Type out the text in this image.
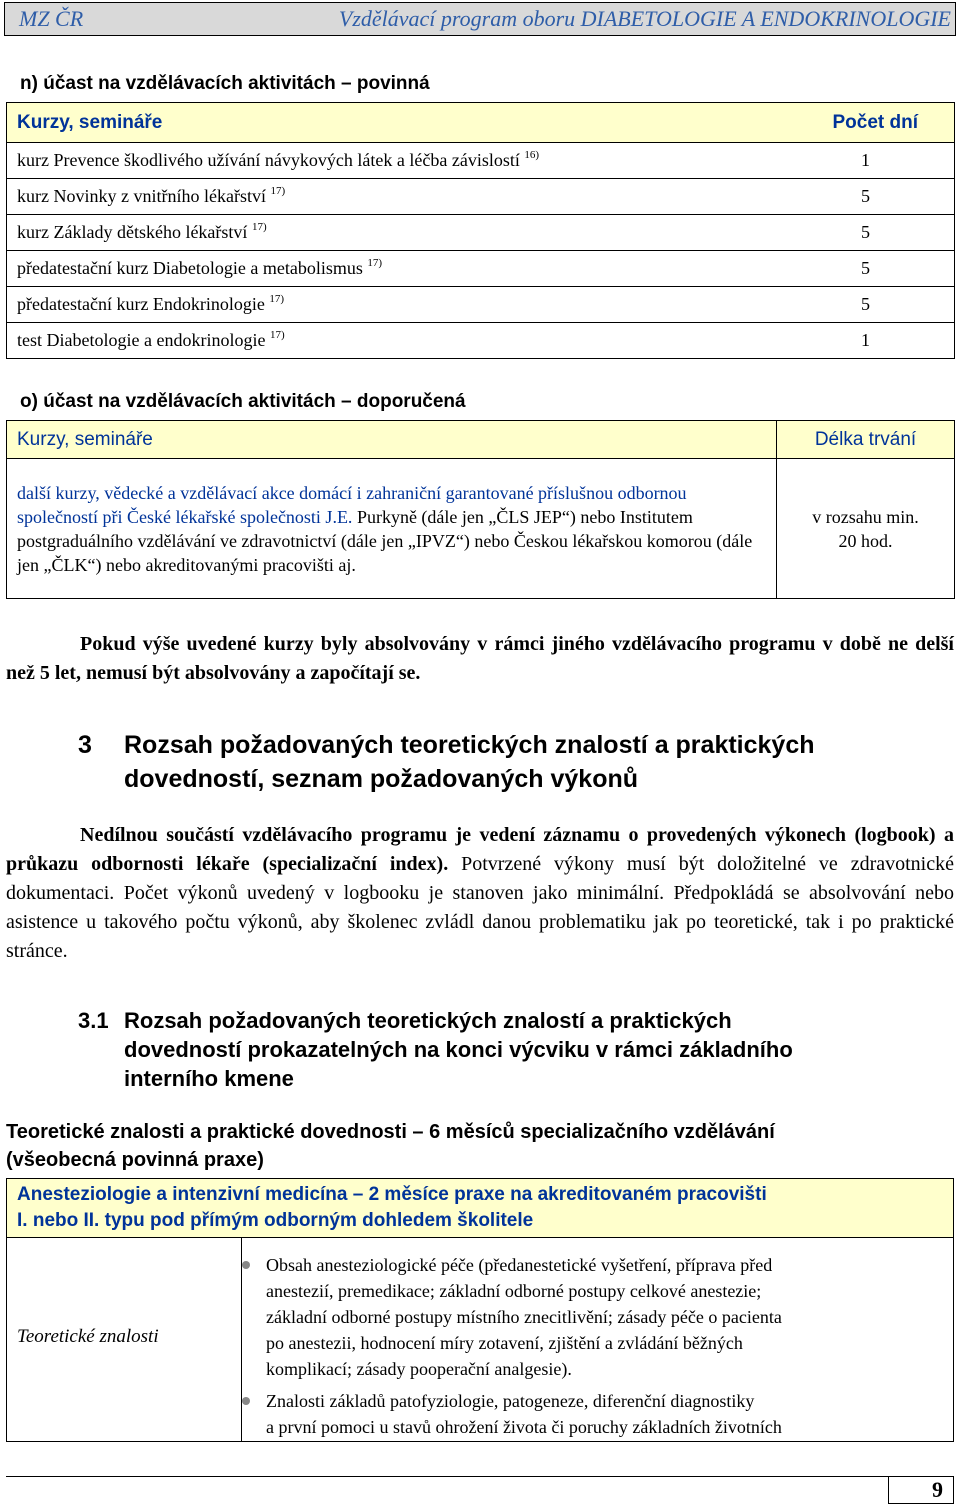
MZ ČR	Vzdělávací program oboru DIABETOLOGIE A ENDOKRINOLOGIE
n) účast na vzdělávacích aktivitách – povinná
Kurzy, semináře	Počet dní
kurz Prevence škodlivého užívání návykových látek a léčba závislostí $^{16)}$	1
kurz Novinky z vnitřního lékařství $^{17)}$	5
kurz Základy dětského lékařství $^{17)}$	5
předatestační kurz Diabetologie a metabolismus $^{17)}$	5
předatestační kurz Endokrinologie $^{17)}$	5
test Diabetologie a endokrinologie $^{17)}$	1
o) účast na vzdělávacích aktivitách – doporučená
Kurzy, semináře	Délka trvání
další kurzy, vědecké a vzdělávací akce domácí i zahraniční garantované příslušnou odbornou společností při České lékařské společnosti J.E. Purkyně (dále jen „ČLS JEP“) nebo Institutem postgraduálního vzdělávání ve zdravotnictví (dále jen „IPVZ“) nebo Českou lékařskou komorou (dále jen „ČLK“) nebo akreditovanými pracovišti aj.	v rozsahu min.
20 hod.
Pokud výše uvedené kurzy byly absolvovány v rámci jiného vzdělávacího programu v době ne delší než 5 let, nemusí být absolvovány a započítají se.
3 Rozsah požadovaných teoretických znalostí a praktických
dovedností, seznam požadovaných výkonů
Nedílnou součástí vzdělávacího programu je vedení záznamu o provedených výkonech (logbook) a průkazu odbornosti lékaře (specializační index). Potvrzené výkony musí být doložitelné ve zdravotnické dokumentaci. Počet výkonů uvedený v logbooku je stanoven jako minimální. Předpokládá se absolvování nebo asistence u takového počtu výkonů, aby školenec zvládl danou problematiku jak po teoretické, tak i po praktické stránce.
3.1 Rozsah požadovaných teoretických znalostí a praktických
dovedností prokazatelných na konci výcviku v rámci základního
interního kmene
Teoretické znalosti a praktické dovednosti – 6 měsíců specializačního vzdělávání
(všeobecná povinná praxe)
Anesteziologie a intenzivní medicína – 2 měsíce praxe na akreditovaném pracovišti
I. nebo II. typu pod přímým odborným dohledem školitele
Teoretické znalosti
Obsah anesteziologické péče (předanestetické vyšetření, příprava před
anestezií, premedikace; základní odborné postupy celkové anestezie;
základní odborné postupy místního znecitlivění; zásady péče o pacienta
po anestezii, hodnocení míry zotavení, zjištění a zvládání běžných
komplikací; zásady pooperační analgesie).
Znalosti základů patofyziologie, patogeneze, diferenční diagnostiky
a první pomoci u stavů ohrožení života či poruchy základních životních
9
